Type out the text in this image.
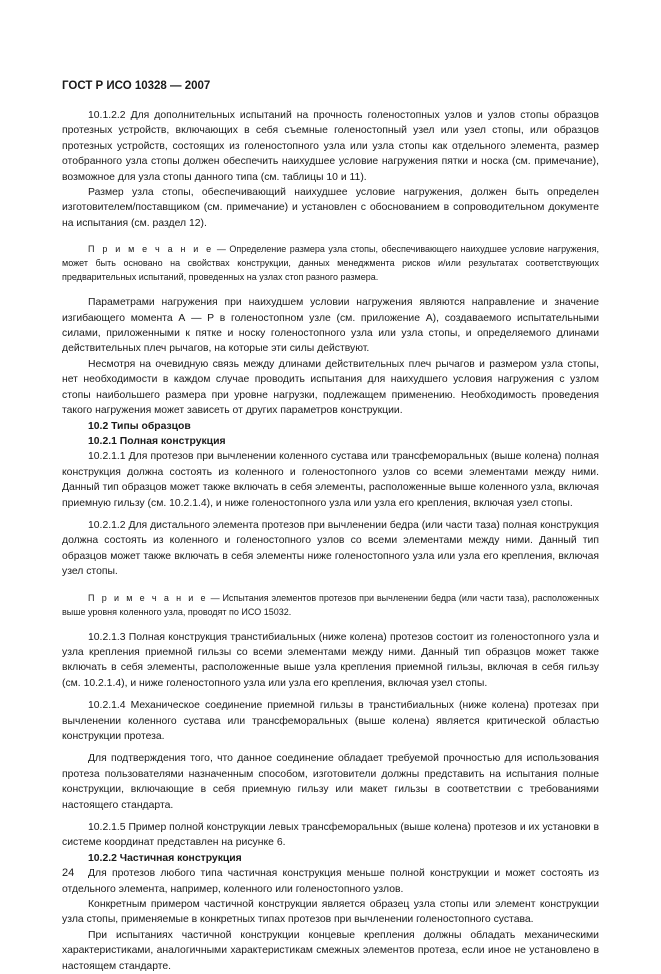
ГОСТ Р ИСО 10328 — 2007

10.1.2.2 Для дополнительных испытаний на прочность голеностопных узлов и узлов стопы образцов протезных устройств, включающих в себя съемные голеностопный узел или узел стопы, или образцов протезных устройств, состоящих из голеностопного узла или узла стопы как отдельного элемента, размер отобранного узла стопы должен обеспечить наихудшее условие нагружения пятки и носка (см. примечание), возможное для узла стопы данного типа (см. таблицы 10 и 11).

Размер узла стопы, обеспечивающий наихудшее условие нагружения, должен быть определен изготовителем/поставщиком (см. примечание) и установлен с обоснованием в сопроводительном документе на испытания (см. раздел 12).

П р и м е ч а н и е — Определение размера узла стопы, обеспечивающего наихудшее условие нагружения, может быть основано на свойствах конструкции, данных менеджмента рисков и/или результатах соответствующих предварительных испытаний, проведенных на узлах стоп разного размера.

Параметрами нагружения при наихудшем условии нагружения являются направление и значение изгибающего момента А — Р в голеностопном узле (см. приложение А), создаваемого испытательными силами, приложенными к пятке и носку голеностопного узла или узла стопы, и определяемого длинами действительных плеч рычагов, на которые эти силы действуют.

Несмотря на очевидную связь между длинами действительных плеч рычагов и размером узла стопы, нет необходимости в каждом случае проводить испытания для наихудшего условия нагружения с узлом стопы наибольшего размера при уровне нагрузки, подлежащем применению. Необходимость проведения такого нагружения может зависеть от других параметров конструкции.

10.2 Типы образцов

10.2.1 Полная конструкция

10.2.1.1 Для протезов при вычленении коленного сустава или трансфеморальных (выше колена) полная конструкция должна состоять из коленного и голеностопного узлов со всеми элементами между ними. Данный тип образцов может также включать в себя элементы, расположенные выше коленного узла, включая приемную гильзу (см. 10.2.1.4), и ниже голеностопного узла или узла его крепления, включая узел стопы.

10.2.1.2 Для дистального элемента протезов при вычленении бедра (или части таза) полная конструкция должна состоять из коленного и голеностопного узлов со всеми элементами между ними. Данный тип образцов может также включать в себя элементы ниже голеностопного узла или узла его крепления, включая узел стопы.

П р и м е ч а н и е — Испытания элементов протезов при вычленении бедра (или части таза), расположенных выше уровня коленного узла, проводят по ИСО 15032.

10.2.1.3 Полная конструкция транстибиальных (ниже колена) протезов состоит из голеностопного узла и узла крепления приемной гильзы со всеми элементами между ними. Данный тип образцов может также включать в себя элементы, расположенные выше узла крепления приемной гильзы, включая в себя гильзу (см. 10.2.1.4), и ниже голеностопного узла или узла его крепления, включая узел стопы.

10.2.1.4 Механическое соединение приемной гильзы в транстибиальных (ниже колена) протезах при вычленении коленного сустава или трансфеморальных (выше колена) является критической областью конструкции протеза.

Для подтверждения того, что данное соединение обладает требуемой прочностью для использования протеза пользователями назначенным способом, изготовители должны представить на испытания полные конструкции, включающие в себя приемную гильзу или макет гильзы в соответствии с требованиями настоящего стандарта.

10.2.1.5 Пример полной конструкции левых трансфеморальных (выше колена) протезов и их установки в системе координат представлен на рисунке 6.

10.2.2 Частичная конструкция

Для протезов любого типа частичная конструкция меньше полной конструкции и может состоять из отдельного элемента, например, коленного или голеностопного узлов.

Конкретным примером частичной конструкции является образец узла стопы или элемент конструкции узла стопы, применяемые в конкретных типах протезов при вычленении голеностопного сустава.

При испытаниях частичной конструкции концевые крепления должны обладать механическими характеристиками, аналогичными характеристикам смежных элементов протеза, если иное не установлено в настоящем стандарте.

24
